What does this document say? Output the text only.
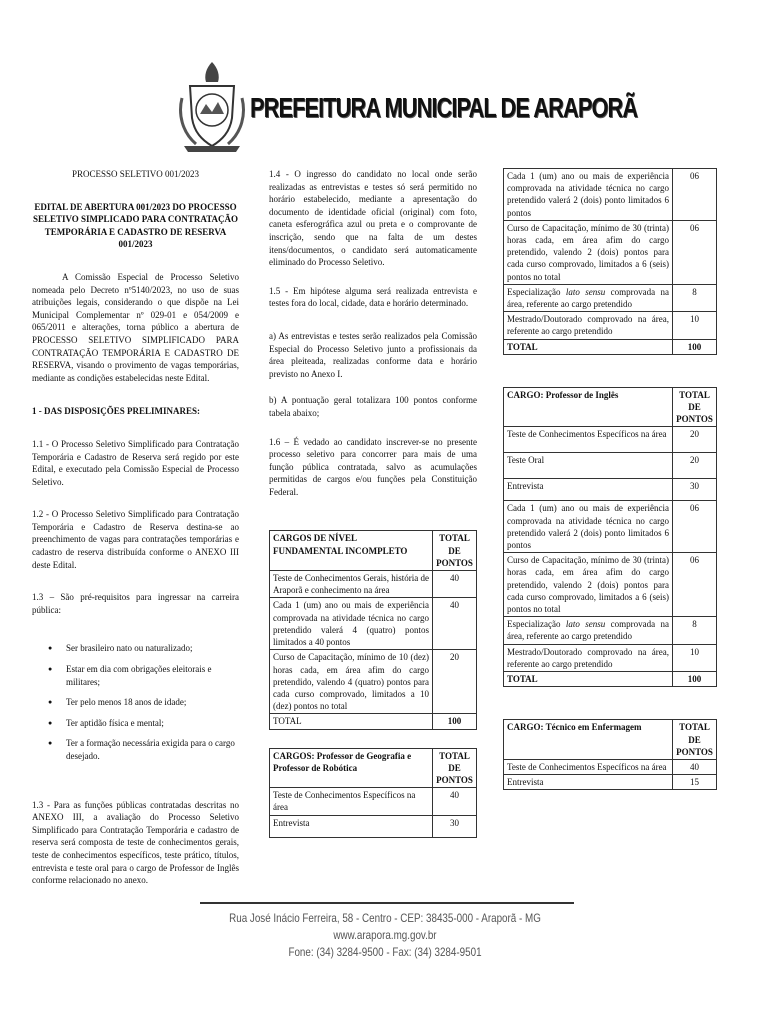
PREFEITURA MUNICIPAL DE ARAPORÃ
PROCESSO SELETIVO 001/2023
EDITAL DE ABERTURA 001/2023 DO PROCESSO SELETIVO SIMPLICADO PARA CONTRATAÇÃO TEMPORÁRIA E CADASTRO DE RESERVA 001/2023
A Comissão Especial de Processo Seletivo nomeada pelo Decreto nº5140/2023, no uso de suas atribuições legais, considerando o que dispõe na Lei Municipal Complementar nº 029-01 e 054/2009 e 065/2011 e alterações, torna público a abertura de PROCESSO SELETIVO SIMPLIFICADO PARA CONTRATAÇÃO TEMPORÁRIA E CADASTRO DE RESERVA, visando o provimento de vagas temporárias, mediante as condições estabelecidas neste Edital.
1 - DAS DISPOSIÇÕES PRELIMINARES:
1.1 - O Processo Seletivo Simplificado para Contratação Temporária e Cadastro de Reserva será regido por este Edital, e executado pela Comissão Especial de Processo Seletivo.
1.2 - O Processo Seletivo Simplificado para Contratação Temporária e Cadastro de Reserva destina-se ao preenchimento de vagas para contratações temporárias e cadastro de reserva distribuída conforme o ANEXO III deste Edital.
1.3 – São pré-requisitos para ingressar na carreira pública:
● Ser brasileiro nato ou naturalizado;
● Estar em dia com obrigações eleitorais e militares;
● Ter pelo menos 18 anos de idade;
● Ter aptidão física e mental;
● Ter a formação necessária exigida para o cargo desejado.
1.3 - Para as funções públicas contratadas descritas no ANEXO III, a avaliação do Processo Seletivo Simplificado para Contratação Temporária e cadastro de reserva será composta de teste de conhecimentos gerais, teste de conhecimentos específicos, teste prático, títulos, entrevista e teste oral para o cargo de Professor de Inglês conforme relacionado no anexo.
1.4 - O ingresso do candidato no local onde serão realizadas as entrevistas e testes só será permitido no horário estabelecido, mediante a apresentação do documento de identidade oficial (original) com foto, caneta esferográfica azul ou preta e o comprovante de inscrição, sendo que na falta de um destes itens/documentos, o candidato será automaticamente eliminado do Processo Seletivo.
1.5 - Em hipótese alguma será realizada entrevista e testes fora do local, cidade, data e horário determinado.
a) As entrevistas e testes serão realizados pela Comissão Especial do Processo Seletivo junto a profissionais da área pleiteada, realizadas conforme data e horário previsto no Anexo I.
b) A pontuação geral totalizara 100 pontos conforme tabela abaixo;
1.6 – É vedado ao candidato inscrever-se no presente processo seletivo para concorrer para mais de uma função pública contratada, salvo as acumulações permitidas de cargos e/ou funções pela Constituição Federal.
CARGOS DE NÍVEL FUNDAMENTAL INCOMPLETO	TOTAL DE PONTOS
Teste de Conhecimentos Gerais, história de Araporã e conhecimento na área	40
Cada 1 (um) ano ou mais de experiência comprovada na atividade técnica no cargo pretendido valerá 4 (quatro) pontos limitados a 40 pontos	40
Curso de Capacitação, mínimo de 10 (dez) horas cada, em área afim do cargo pretendido, valendo 4 (quatro) pontos para cada curso comprovado, limitados a 10 (dez) pontos no total	20
TOTAL	100
CARGOS: Professor de Geografia e Professor de Robótica	TOTAL DE PONTOS
Teste de Conhecimentos Específicos na área	40
Entrevista	30
Cada 1 (um) ano ou mais de experiência comprovada na atividade técnica no cargo pretendido valerá 2 (dois) ponto limitados 6 pontos	06
Curso de Capacitação, mínimo de 30 (trinta) horas cada, em área afim do cargo pretendido, valendo 2 (dois) pontos para cada curso comprovado, limitados a 6 (seis) pontos no total	06
Especialização lato sensu comprovada na área, referente ao cargo pretendido	8
Mestrado/Doutorado comprovado na área, referente ao cargo pretendido	10
TOTAL	100
CARGO: Professor de Inglês	TOTAL DE PONTOS
Teste de Conhecimentos Específicos na área	20
Teste Oral	20
Entrevista	30
Cada 1 (um) ano ou mais de experiência comprovada na atividade técnica no cargo pretendido valerá 2 (dois) ponto limitados 6 pontos	06
Curso de Capacitação, mínimo de 30 (trinta) horas cada, em área afim do cargo pretendido, valendo 2 (dois) pontos para cada curso comprovado, limitados a 6 (seis) pontos no total	06
Especialização lato sensu comprovada na área, referente ao cargo pretendido	8
Mestrado/Doutorado comprovado na área, referente ao cargo pretendido	10
TOTAL	100
CARGO: Técnico em Enfermagem	TOTAL DE PONTOS
Teste de Conhecimentos Específicos na área	40
Entrevista	15
Rua José Inácio Ferreira, 58 - Centro - CEP: 38435-000 - Araporã - MG
www.arapora.mg.gov.br
Fone: (34) 3284-9500 - Fax: (34) 3284-9501
